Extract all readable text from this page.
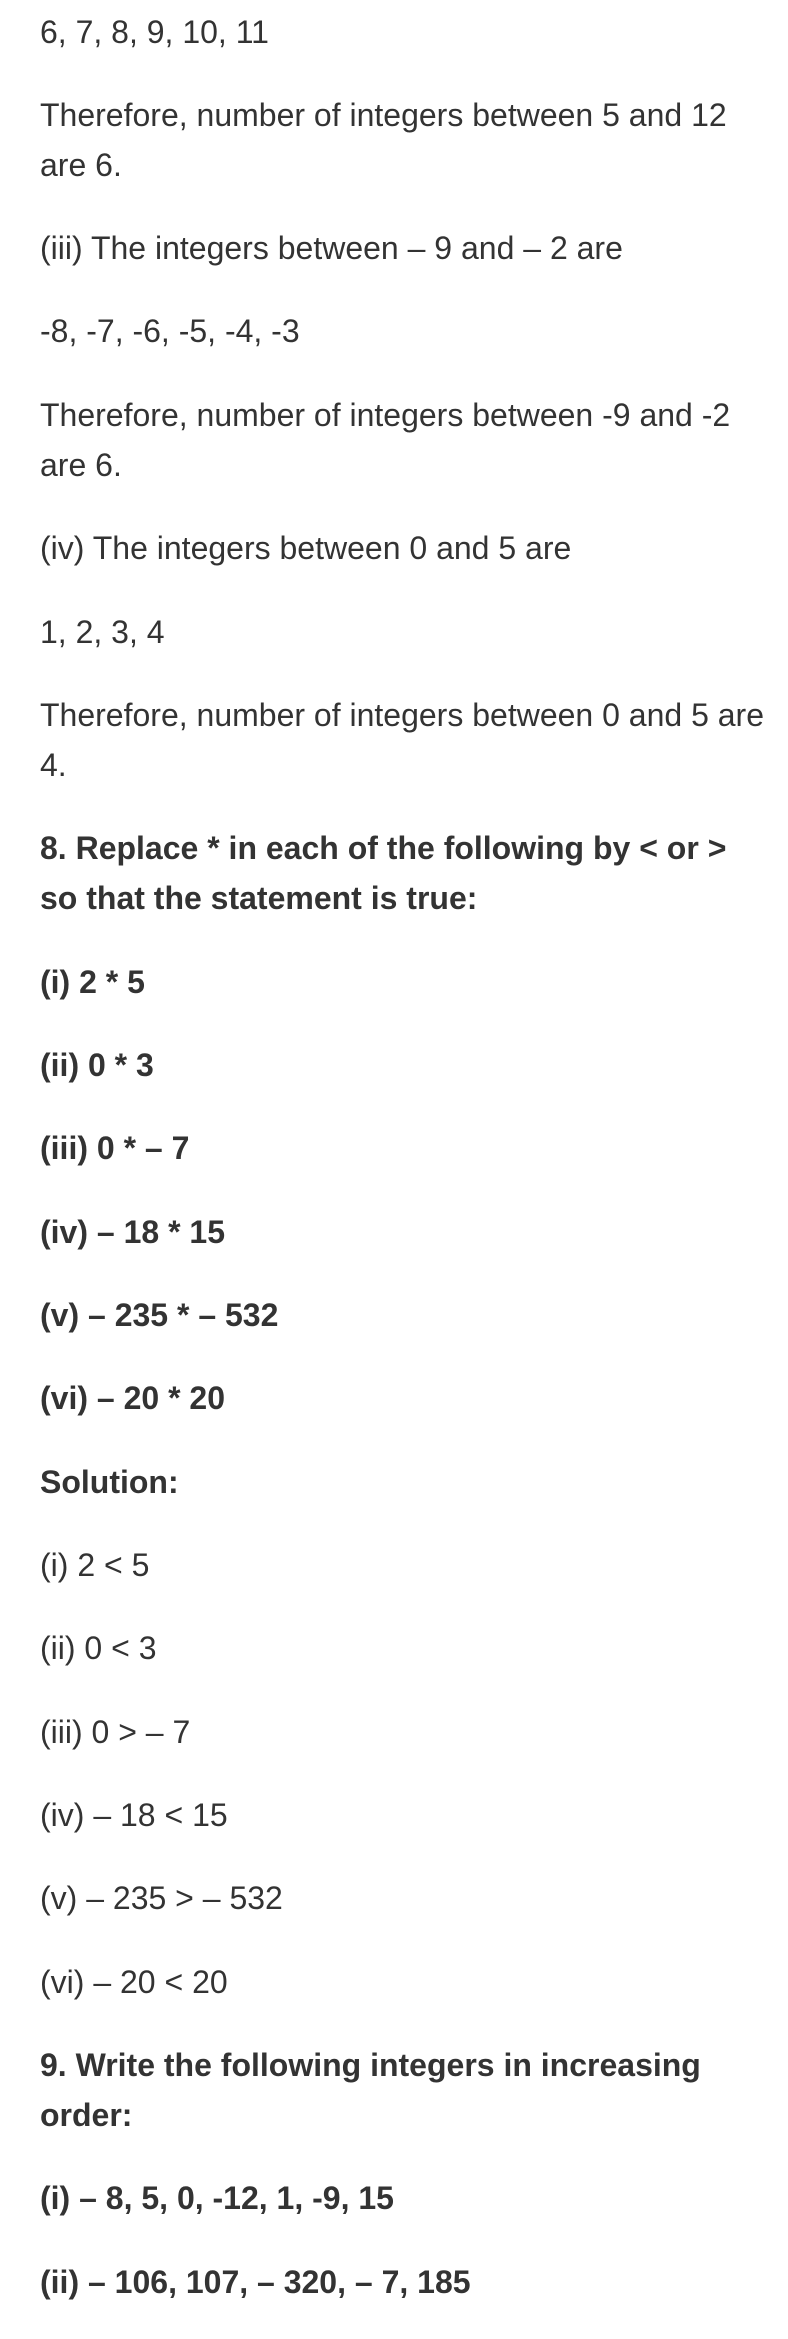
6, 7, 8, 9, 10, 11
Therefore, number of integers between 5 and 12 are 6.
(iii) The integers between – 9 and – 2 are
-8, -7, -6, -5, -4, -3
Therefore, number of integers between -9 and -2 are 6.
(iv) The integers between 0 and 5 are
1, 2, 3, 4
Therefore, number of integers between 0 and 5 are 4.
8. Replace * in each of the following by < or > so that the statement is true:
(i) 2 * 5
(ii) 0 * 3
(iii) 0 * – 7
(iv) – 18 * 15
(v) – 235 * – 532
(vi) – 20 * 20
Solution:
(i) 2 < 5
(ii) 0 < 3
(iii) 0 > – 7
(iv) – 18 < 15
(v) – 235 > – 532
(vi) – 20 < 20
9. Write the following integers in increasing order:
(i) – 8, 5, 0, -12, 1, -9, 15
(ii) – 106, 107, – 320, – 7, 185
